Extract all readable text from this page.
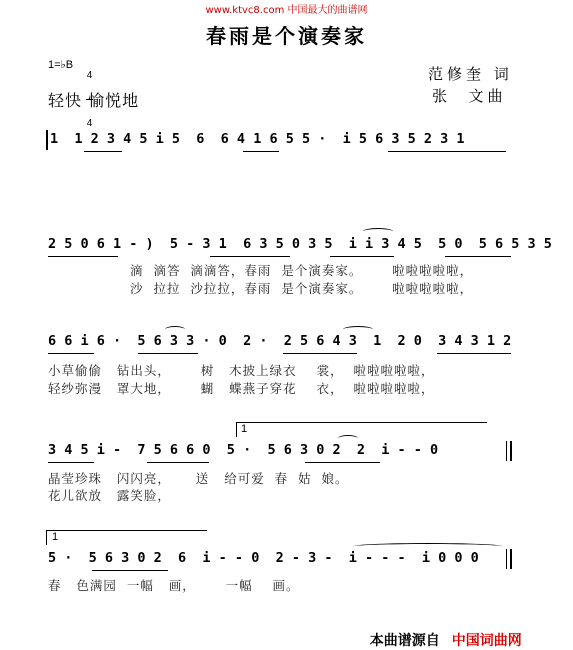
www.ktvc8.com 中国最大的曲谱网
春雨是个演奏家
1=♭B

4

4

轻快 愉悦地
范修奎 词
张  文曲
1  1 2 3 4 5 i 5  6  6 4 1 6 5 5 ·  i 5 6 3 5 2 3 1
2 5 0 6 1 - )  5 - 3 1  6 3 5 0 3 5  i i 3 4 5  5 0  5 6 5 3 5
滴  滴答  滴滴答，春雨  是个演奏家。      啦啦啦啦啦，
沙  拉拉  沙拉拉，春雨  是个演奏家。      啦啦啦啦啦，
6 6 i 6 ·  5 6 3 3 · 0  2 ·  2 5 6 4 3  1  2 0  3 4 3 1 2
小草偷偷   钻出头，      树   木披上绿衣    裳，  啦啦啦啦啦，
轻纱弥漫   罩大地，      蝴   蝶燕子穿花    衣，  啦啦啦啦啦，
1
3 4 5 i -  7 5 6 6 0  5 ·  5 6 3 0 2  2  i - - 0
晶莹珍珠   闪闪亮，     送   给可爱  春  姑  娘。
花儿欲放   露笑脸，
1
5 ·  5 6 3 0 2  6  i - - 0  2 - 3 -  i - - -  i 0 0 0
春   色满园  一幅   画，      一幅    画。

本曲谱源自 中国词曲网
